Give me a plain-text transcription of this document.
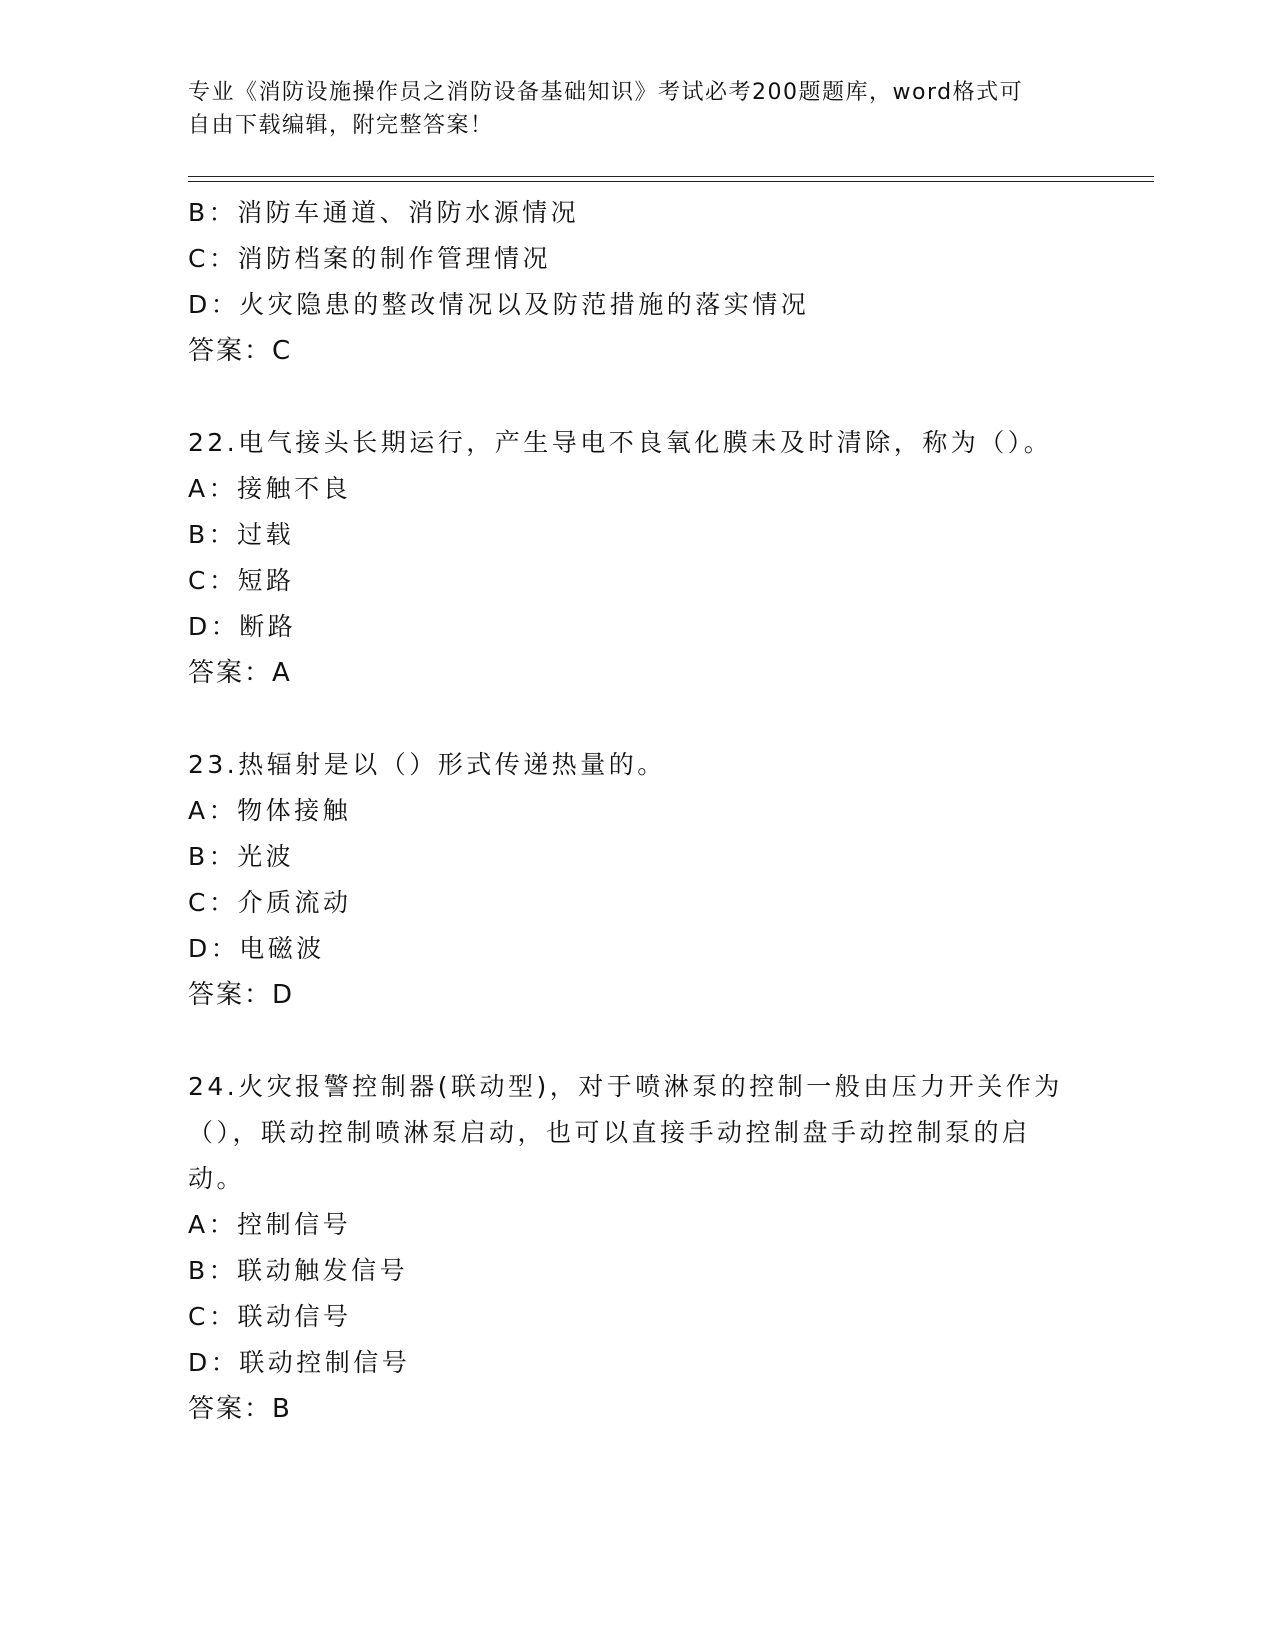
专业《消防设施操作员之消防设备基础知识》考试必考200题题库，word格式可
自由下载编辑，附完整答案！
B：消防车通道、消防水源情况
C：消防档案的制作管理情况
D：火灾隐患的整改情况以及防范措施的落实情况
答案：C
22.电气接头长期运行，产生导电不良氧化膜未及时清除，称为（）。
A：接触不良
B：过载
C：短路
D：断路
答案：A
23.热辐射是以（）形式传递热量的。
A：物体接触
B：光波
C：介质流动
D：电磁波
答案：D
24.火灾报警控制器(联动型)，对于喷淋泵的控制一般由压力开关作为
（），联动控制喷淋泵启动，也可以直接手动控制盘手动控制泵的启
动。
A：控制信号
B：联动触发信号
C：联动信号
D：联动控制信号
答案：B
